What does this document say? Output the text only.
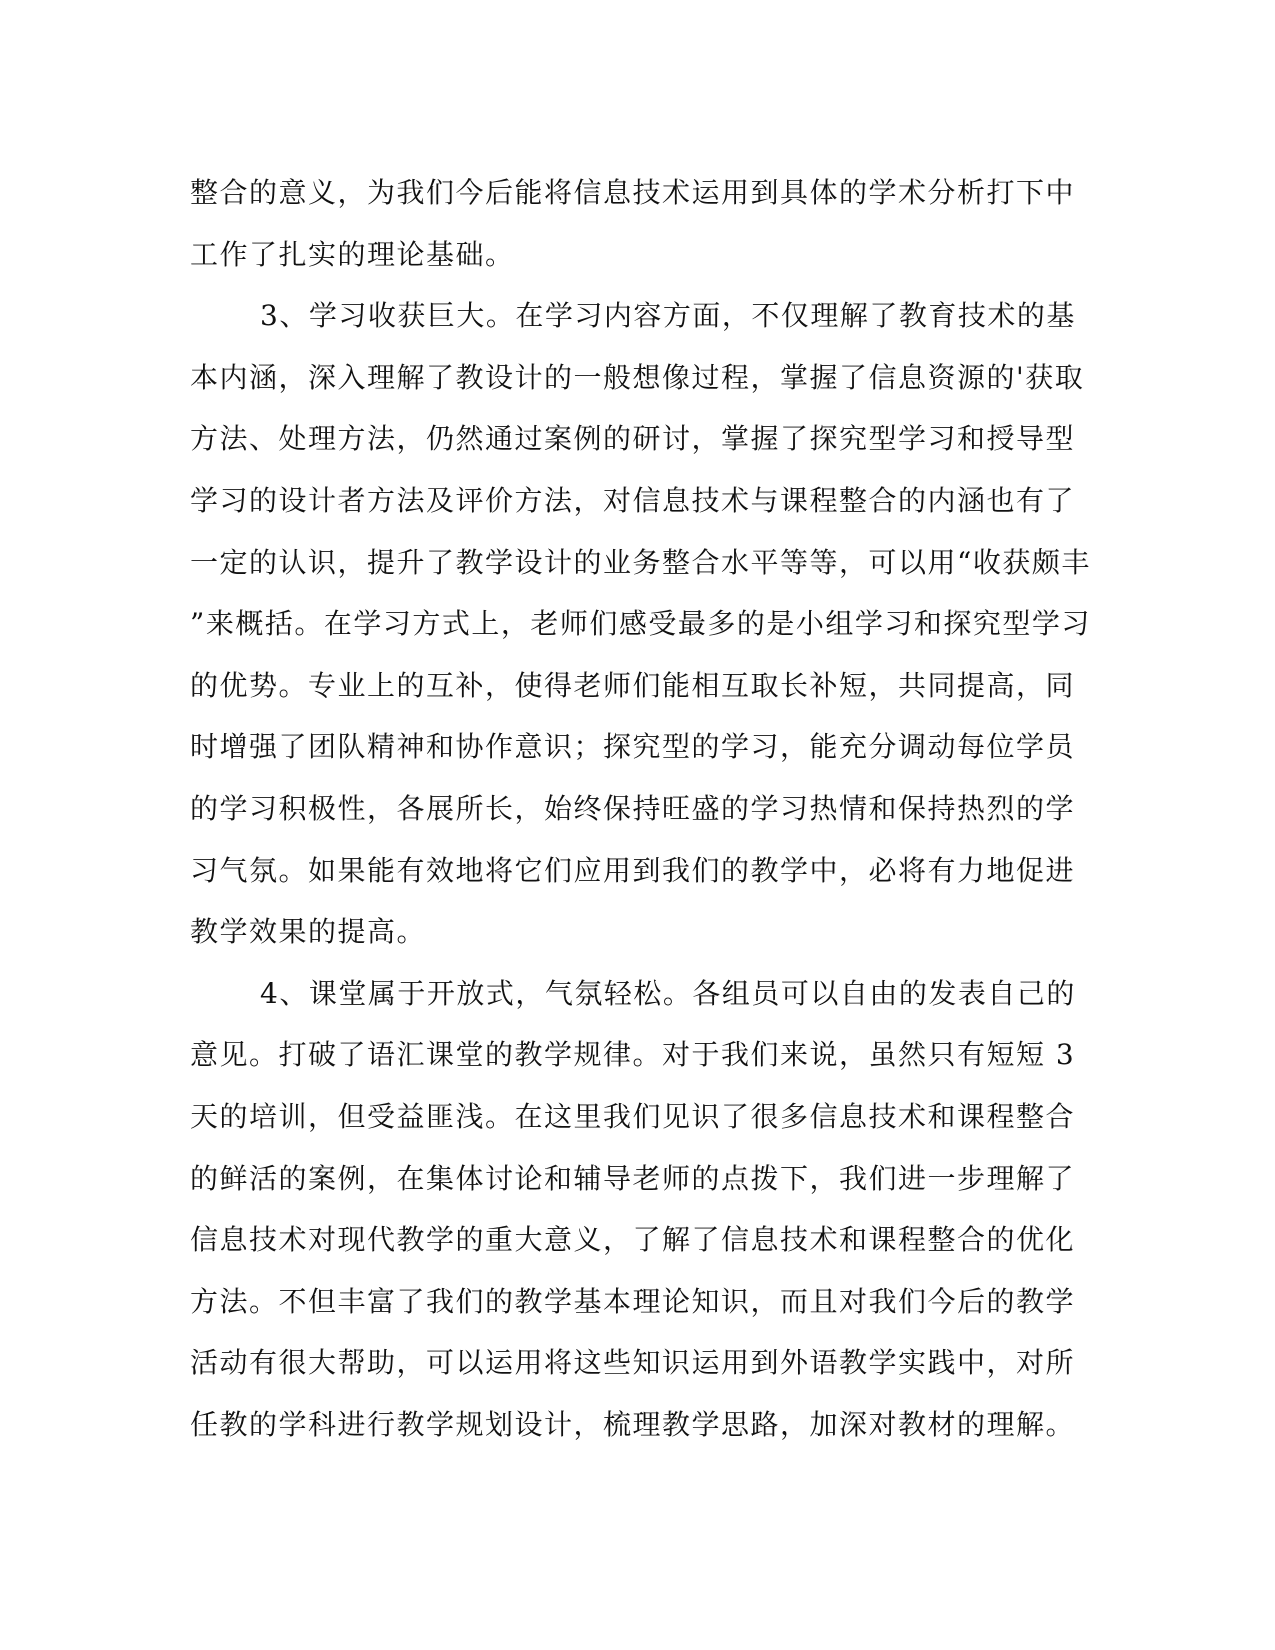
整合的意义，为我们今后能将信息技术运用到具体的学术分析打下中
工作了扎实的理论基础。
3、学习收获巨大。在学习内容方面，不仅理解了教育技术的基
本内涵，深入理解了教设计的一般想像过程，掌握了信息资源的'获取
方法、处理方法，仍然通过案例的研讨，掌握了探究型学习和授导型
学习的设计者方法及评价方法，对信息技术与课程整合的内涵也有了
一定的认识，提升了教学设计的业务整合水平等等，可以用“收获颇丰
”来概括。在学习方式上，老师们感受最多的是小组学习和探究型学习
的优势。专业上的互补，使得老师们能相互取长补短，共同提高，同
时增强了团队精神和协作意识；探究型的学习，能充分调动每位学员
的学习积极性，各展所长，始终保持旺盛的学习热情和保持热烈的学
习气氛。如果能有效地将它们应用到我们的教学中，必将有力地促进
教学效果的提高。
4、课堂属于开放式，气氛轻松。各组员可以自由的发表自己的
意见。打破了语汇课堂的教学规律。对于我们来说，虽然只有短短 3
天的培训，但受益匪浅。在这里我们见识了很多信息技术和课程整合
的鲜活的案例，在集体讨论和辅导老师的点拨下，我们进一步理解了
信息技术对现代教学的重大意义，了解了信息技术和课程整合的优化
方法。不但丰富了我们的教学基本理论知识，而且对我们今后的教学
活动有很大帮助，可以运用将这些知识运用到外语教学实践中，对所
任教的学科进行教学规划设计，梳理教学思路，加深对教材的理解。
